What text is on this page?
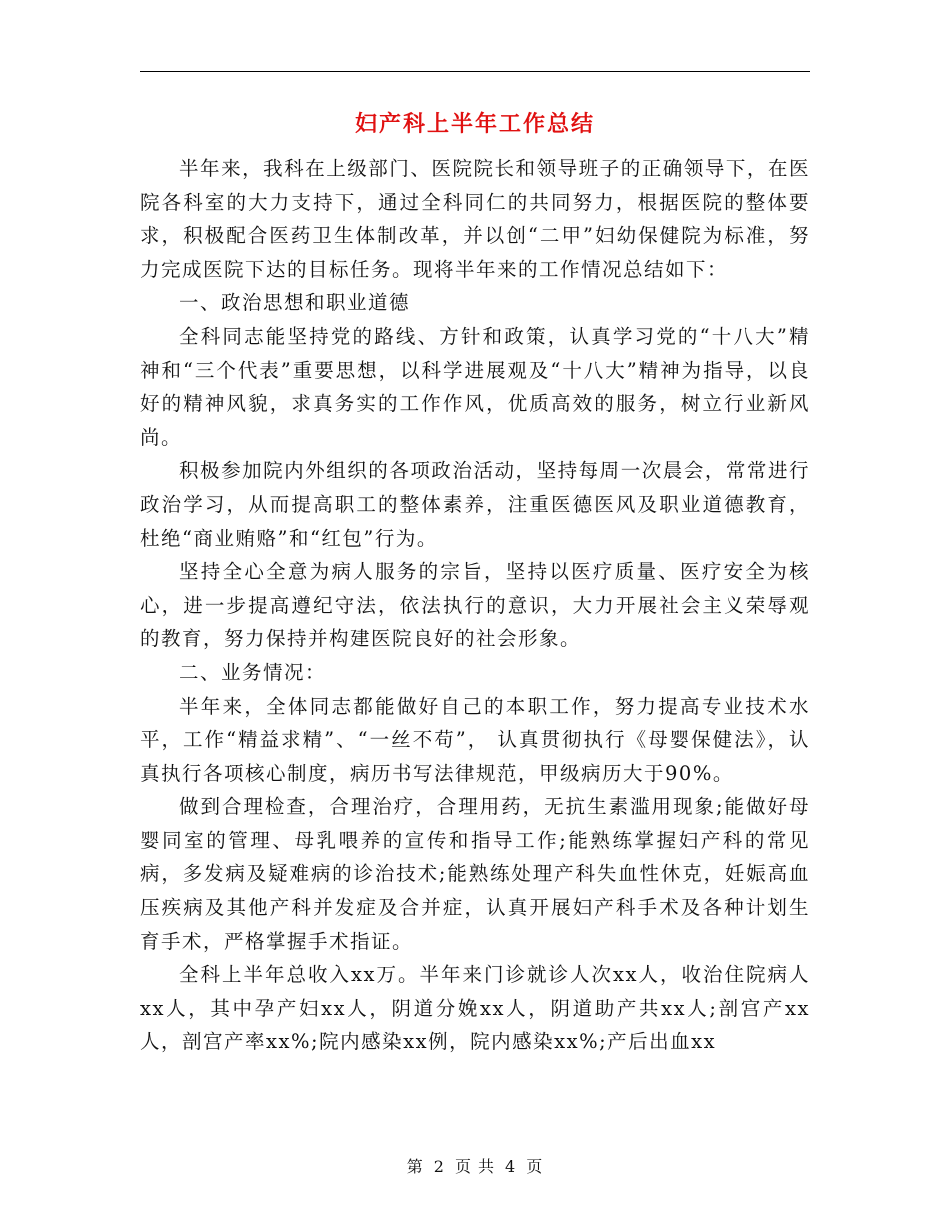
妇产科上半年工作总结

半年来，我科在上级部门、医院院长和领导班子的正确领导下，在医院各科室的大力支持下，通过全科同仁的共同努力，根据医院的整体要求，积极配合医药卫生体制改革，并以创“二甲”妇幼保健院为标准，努力完成医院下达的目标任务。现将半年来的工作情况总结如下：

一、政治思想和职业道德

全科同志能坚持党的路线、方针和政策，认真学习党的“十八大”精神和“三个代表”重要思想，以科学进展观及“十八大”精神为指导，以良好的精神风貌，求真务实的工作作风，优质高效的服务，树立行业新风尚。

积极参加院内外组织的各项政治活动，坚持每周一次晨会，常常进行政治学习，从而提高职工的整体素养，注重医德医风及职业道德教育，杜绝“商业贿赂”和“红包”行为。

坚持全心全意为病人服务的宗旨，坚持以医疗质量、医疗安全为核心，进一步提高遵纪守法，依法执行的意识，大力开展社会主义荣辱观的教育，努力保持并构建医院良好的社会形象。

二、业务情况：

半年来，全体同志都能做好自己的本职工作，努力提高专业技术水平，工作“精益求精”、“一丝不苟”， 认真贯彻执行《母婴保健法》，认真执行各项核心制度，病历书写法律规范，甲级病历大于90%。

做到合理检查，合理治疗，合理用药，无抗生素滥用现象;能做好母婴同室的管理、母乳喂养的宣传和指导工作;能熟练掌握妇产科的常见病，多发病及疑难病的诊治技术;能熟练处理产科失血性休克，妊娠高血压疾病及其他产科并发症及合并症，认真开展妇产科手术及各种计划生育手术，严格掌握手术指证。

全科上半年总收入xx万。半年来门诊就诊人次xx人，收治住院病人xx人，其中孕产妇xx人，阴道分娩xx人，阴道助产共xx人;剖宫产xx人，剖宫产率xx%;院内感染xx例，院内感染xx%;产后出血xx

第 2 页 共 4 页
